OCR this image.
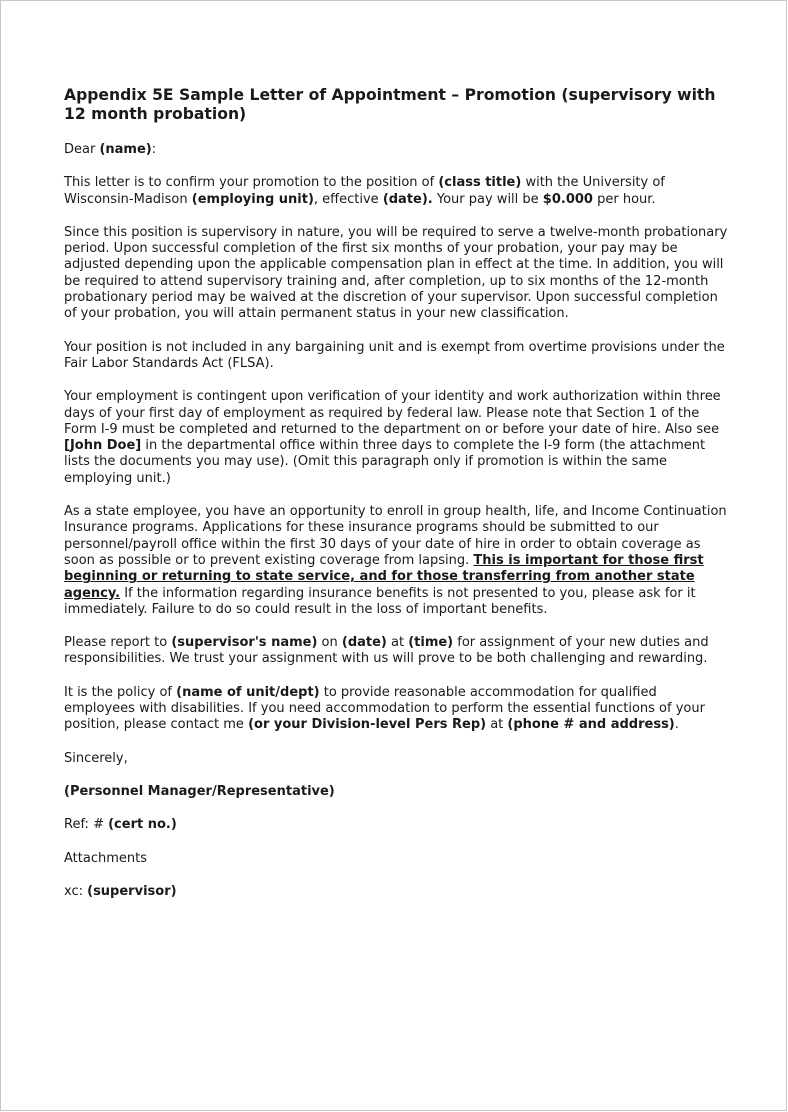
Appendix 5E Sample Letter of Appointment – Promotion (supervisory with 12 month probation)

Dear (name):

This letter is to confirm your promotion to the position of (class title) with the University of Wisconsin-Madison (employing unit), effective (date). Your pay will be $0.000 per hour.

Since this position is supervisory in nature, you will be required to serve a twelve-month probationary period. Upon successful completion of the first six months of your probation, your pay may be adjusted depending upon the applicable compensation plan in effect at the time. In addition, you will be required to attend supervisory training and, after completion, up to six months of the 12-month probationary period may be waived at the discretion of your supervisor. Upon successful completion of your probation, you will attain permanent status in your new classification.

Your position is not included in any bargaining unit and is exempt from overtime provisions under the Fair Labor Standards Act (FLSA).

Your employment is contingent upon verification of your identity and work authorization within three days of your first day of employment as required by federal law. Please note that Section 1 of the Form I-9 must be completed and returned to the department on or before your date of hire. Also see [John Doe] in the departmental office within three days to complete the I-9 form (the attachment lists the documents you may use). (Omit this paragraph only if promotion is within the same employing unit.)

As a state employee, you have an opportunity to enroll in group health, life, and Income Continuation Insurance programs. Applications for these insurance programs should be submitted to our personnel/payroll office within the first 30 days of your date of hire in order to obtain coverage as soon as possible or to prevent existing coverage from lapsing. This is important for those first beginning or returning to state service, and for those transferring from another state agency. If the information regarding insurance benefits is not presented to you, please ask for it immediately. Failure to do so could result in the loss of important benefits.

Please report to (supervisor's name) on (date) at (time) for assignment of your new duties and responsibilities. We trust your assignment with us will prove to be both challenging and rewarding.

It is the policy of (name of unit/dept) to provide reasonable accommodation for qualified employees with disabilities. If you need accommodation to perform the essential functions of your position, please contact me (or your Division-level Pers Rep) at (phone # and address).

Sincerely,

(Personnel Manager/Representative)

Ref: # (cert no.)

Attachments

xc: (supervisor)
